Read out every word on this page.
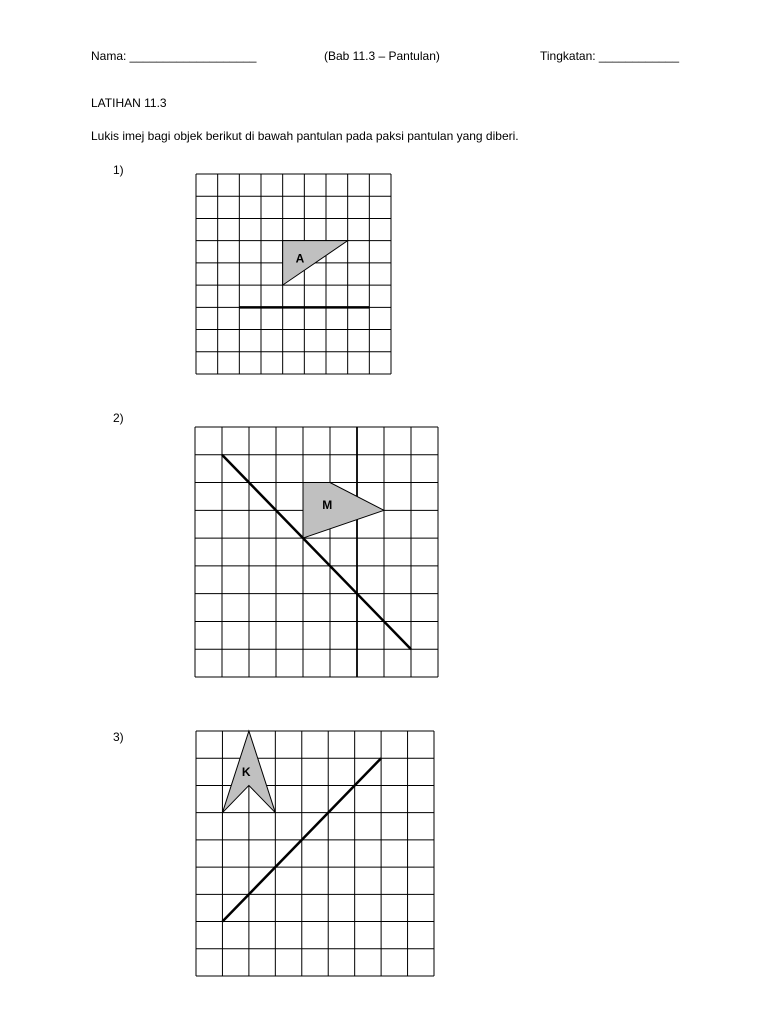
Nama: ___________________	(Bab 11.3 – Pantulan)	Tingkatan: ____________
LATIHAN 11.3
Lukis imej bagi objek berikut di bawah pantulan pada paksi pantulan yang diberi.
1)
2)
3)
A
M
K
